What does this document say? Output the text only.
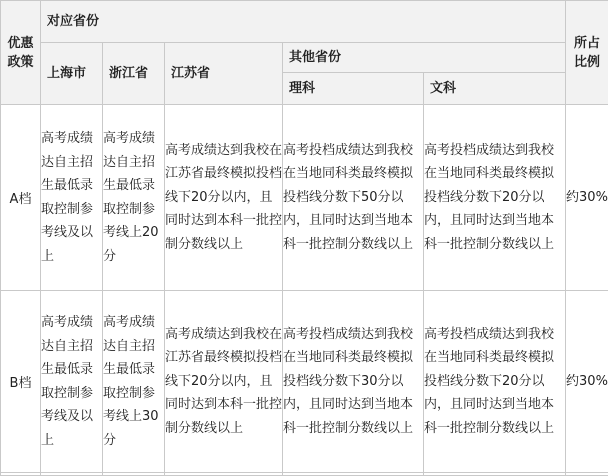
优惠政策	对应省份					所占比例

	上海市	浙江省	江苏省	其他省份		
				理科	文科	
A档	高考成绩达自主招生最低录取控制参考线及以上	高考成绩达自主招生最低录取控制参考线上20分	高考成绩达到我校在江苏省最终模拟投档线下20分以内，且同时达到本科一批控制分数线以上	高考投档成绩达到我校在当地同科类最终模拟投档线分数下50分以内，且同时达到当地本科一批控制分数线以上	高考投档成绩达到我校在当地同科类最终模拟投档线分数下20分以内，且同时达到当地本科一批控制分数线以上	约30%
B档	高考成绩达自主招生最低录取控制参考线及以上	高考成绩达自主招生最低录取控制参考线上30分	高考成绩达到我校在江苏省最终模拟投档线下20分以内，且同时达到本科一批控制分数线以上	高考投档成绩达到我校在当地同科类最终模拟投档线分数下30分以内，且同时达到当地本科一批控制分数线以上	高考投档成绩达到我校在当地同科类最终模拟投档线分数下20分以内，且同时达到当地本科一批控制分数线以上	约30%
